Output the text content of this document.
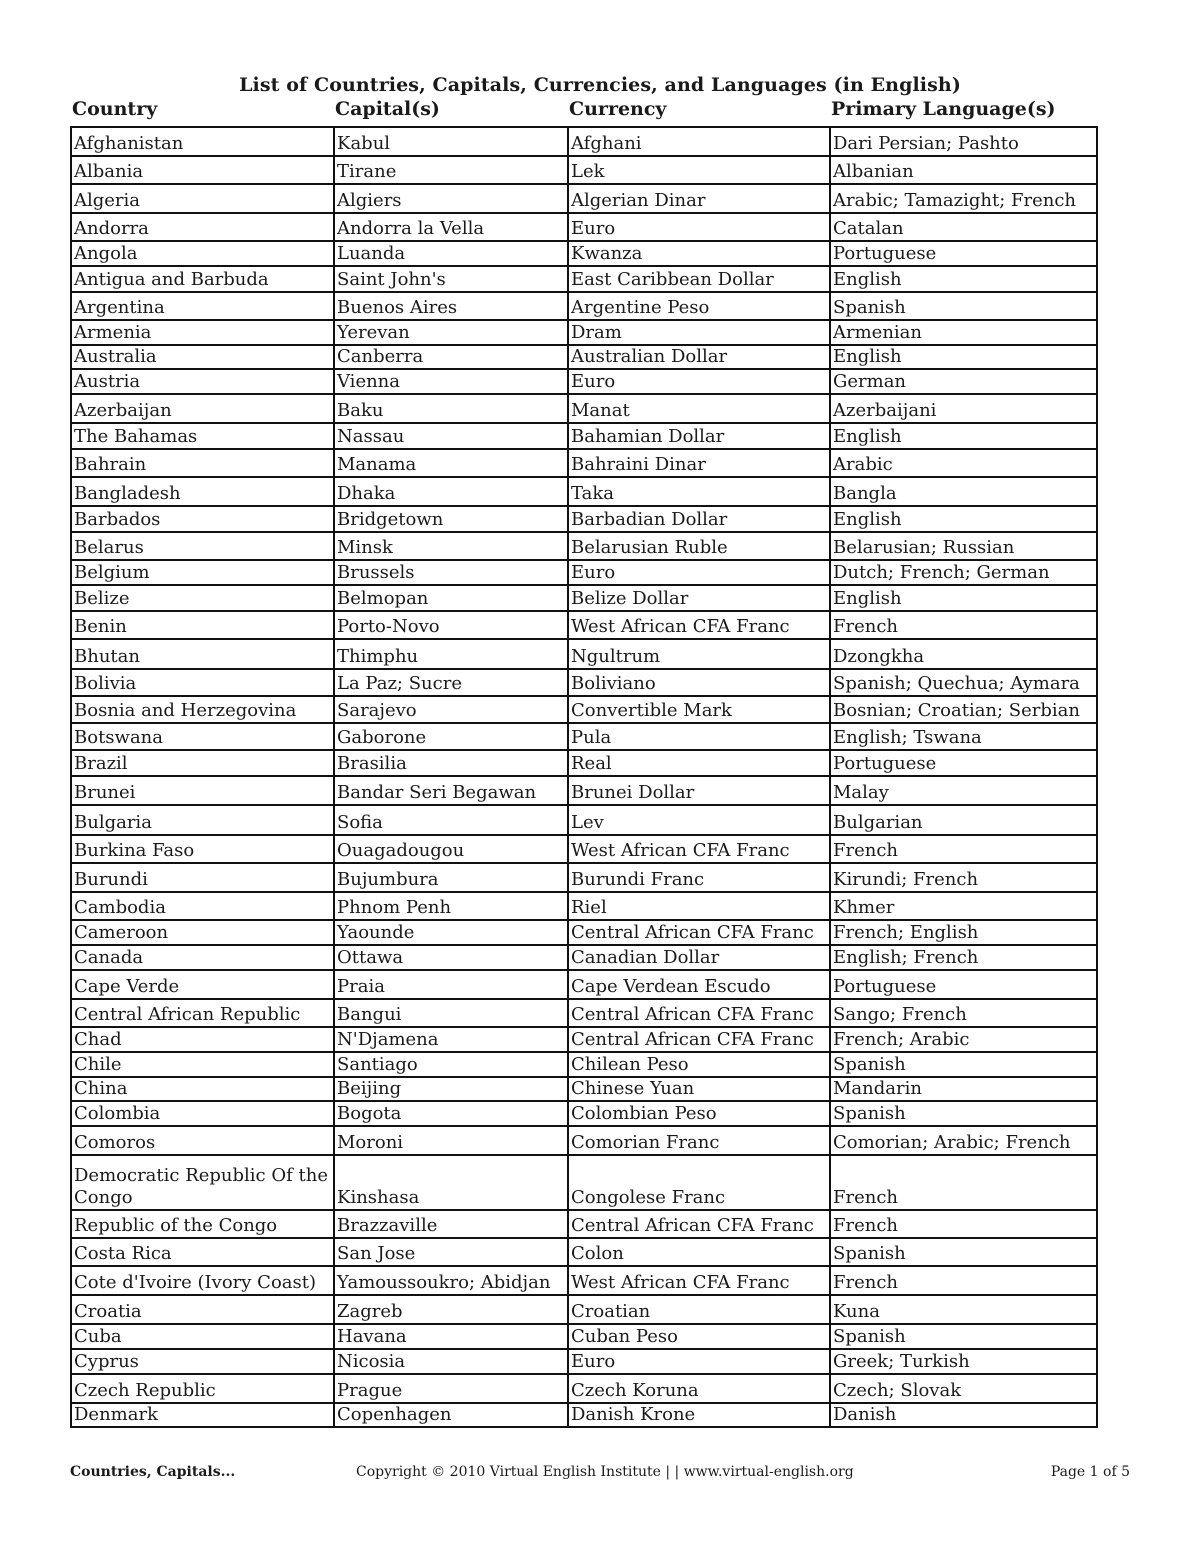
List of Countries, Capitals, Currencies, and Languages (in English)
Country	Capital(s)	Currency	Primary Language(s)
Afghanistan	Kabul	Afghani	Dari Persian; Pashto
Albania	Tirane	Lek	Albanian
Algeria	Algiers	Algerian Dinar	Arabic; Tamazight; French
Andorra	Andorra la Vella	Euro	Catalan
Angola	Luanda	Kwanza	Portuguese
Antigua and Barbuda	Saint John's	East Caribbean Dollar	English
Argentina	Buenos Aires	Argentine Peso	Spanish
Armenia	Yerevan	Dram	Armenian
Australia	Canberra	Australian Dollar	English
Austria	Vienna	Euro	German
Azerbaijan	Baku	Manat	Azerbaijani
The Bahamas	Nassau	Bahamian Dollar	English
Bahrain	Manama	Bahraini Dinar	Arabic
Bangladesh	Dhaka	Taka	Bangla
Barbados	Bridgetown	Barbadian Dollar	English
Belarus	Minsk	Belarusian Ruble	Belarusian; Russian
Belgium	Brussels	Euro	Dutch; French; German
Belize	Belmopan	Belize Dollar	English
Benin	Porto-Novo	West African CFA Franc	French
Bhutan	Thimphu	Ngultrum	Dzongkha
Bolivia	La Paz; Sucre	Boliviano	Spanish; Quechua; Aymara
Bosnia and Herzegovina	Sarajevo	Convertible Mark	Bosnian; Croatian; Serbian
Botswana	Gaborone	Pula	English; Tswana
Brazil	Brasilia	Real	Portuguese
Brunei	Bandar Seri Begawan	Brunei Dollar	Malay
Bulgaria	Sofia	Lev	Bulgarian
Burkina Faso	Ouagadougou	West African CFA Franc	French
Burundi	Bujumbura	Burundi Franc	Kirundi; French
Cambodia	Phnom Penh	Riel	Khmer
Cameroon	Yaounde	Central African CFA Franc	French; English
Canada	Ottawa	Canadian Dollar	English; French
Cape Verde	Praia	Cape Verdean Escudo	Portuguese
Central African Republic	Bangui	Central African CFA Franc	Sango; French
Chad	N'Djamena	Central African CFA Franc	French; Arabic
Chile	Santiago	Chilean Peso	Spanish
China	Beijing	Chinese Yuan	Mandarin
Colombia	Bogota	Colombian Peso	Spanish
Comoros	Moroni	Comorian Franc	Comorian; Arabic; French
Democratic Republic Of the Congo	Kinshasa	Congolese Franc	French
Republic of the Congo	Brazzaville	Central African CFA Franc	French
Costa Rica	San Jose	Colon	Spanish
Cote d'Ivoire (Ivory Coast)	Yamoussoukro; Abidjan	West African CFA Franc	French
Croatia	Zagreb	Croatian	Kuna
Cuba	Havana	Cuban Peso	Spanish
Cyprus	Nicosia	Euro	Greek; Turkish
Czech Republic	Prague	Czech Koruna	Czech; Slovak
Denmark	Copenhagen	Danish Krone	Danish
Countries, Capitals...	Copyright © 2010 Virtual English Institute | | www.virtual-english.org	Page 1 of 5
